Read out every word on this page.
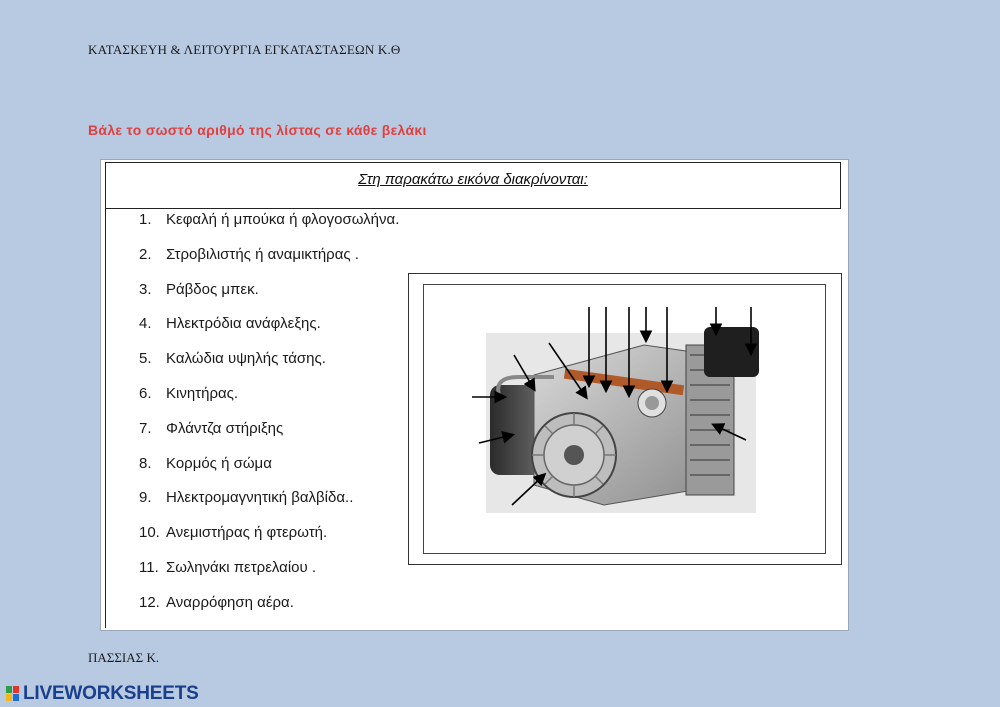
ΚΑΤΑΣΚΕΥΗ & ΛΕΙΤΟΥΡΓΙΑ ΕΓΚΑΤΑΣΤΑΣΕΩΝ Κ.Θ
Βάλε το σωστό αριθμό της λίστας σε κάθε βελάκι
Στη παρακάτω εικόνα διακρίνονται:
1. Κεφαλή ή μπούκα ή φλογοσωλήνα.
2. Στροβιλιστής ή αναμικτήρας .
3. Ράβδος μπεκ.
4. Ηλεκτρόδια ανάφλεξης.
5. Καλώδια υψηλής τάσης.
6. Κινητήρας.
7. Φλάντζα στήριξης
8. Κορμός ή σώμα
9. Ηλεκτρομαγνητική βαλβίδα..
10. Ανεμιστήρας ή φτερωτή.
11. Σωληνάκι πετρελαίου .
12. Αναρρόφηση αέρα.
ΠΑΣΣΙΑΣ Κ.
LIVEWORKSHEETS
